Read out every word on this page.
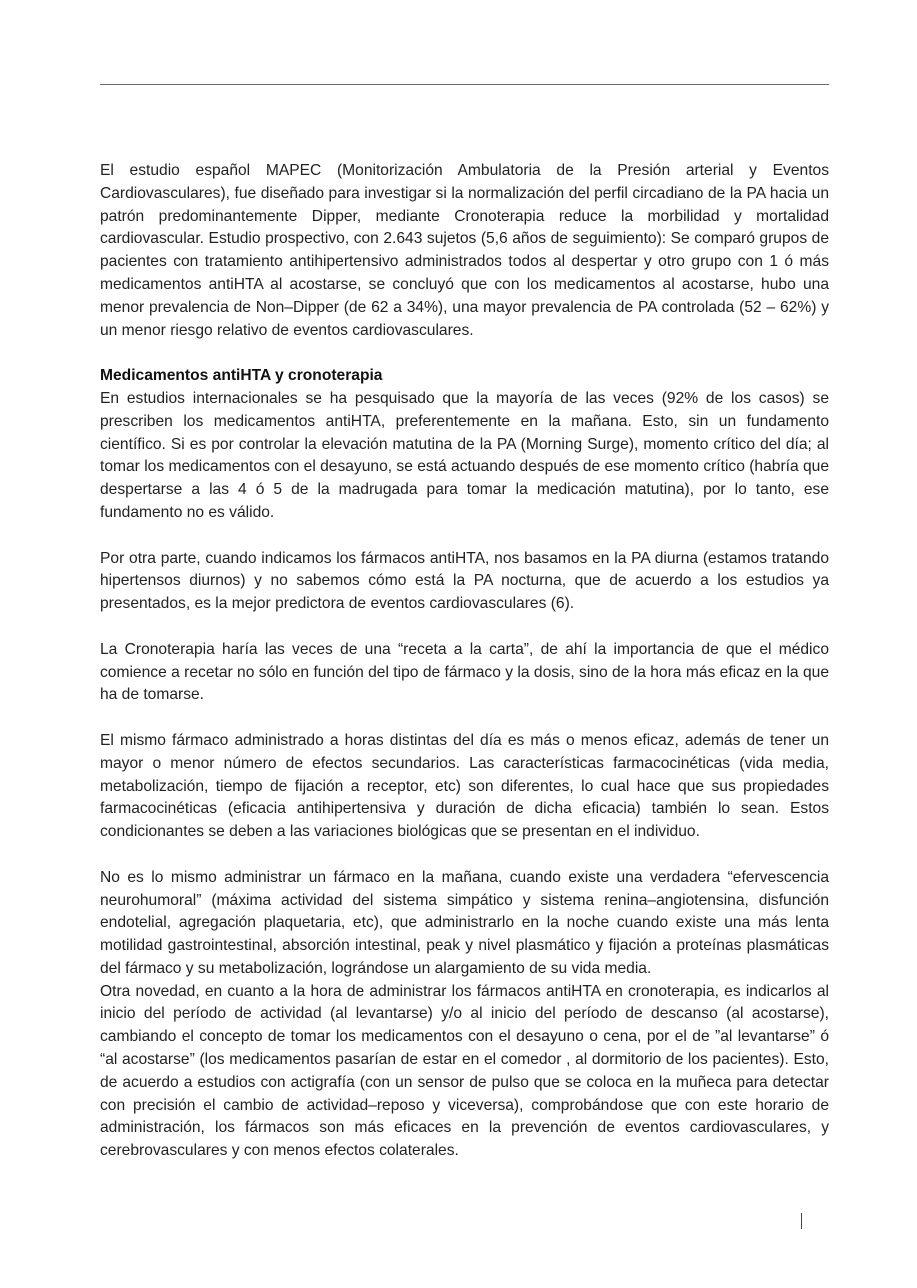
El estudio español MAPEC (Monitorización Ambulatoria de la Presión arterial y Eventos Cardiovasculares), fue diseñado para investigar si la normalización del perfil circadiano de la PA hacia un patrón predominantemente Dipper, mediante Cronoterapia reduce la morbilidad y mortalidad cardiovascular. Estudio prospectivo, con 2.643 sujetos (5,6 años de seguimiento): Se comparó grupos de pacientes con tratamiento antihipertensivo administrados todos al despertar y otro grupo con 1 ó más medicamentos antiHTA al acostarse, se concluyó que con los medicamentos al acostarse, hubo una menor prevalencia de Non–Dipper (de 62 a 34%), una mayor prevalencia de PA controlada (52 – 62%) y un menor riesgo relativo de eventos cardiovasculares.

Medicamentos antiHTA y cronoterapia

En estudios internacionales se ha pesquisado que la mayoría de las veces (92% de los casos) se prescriben los medicamentos antiHTA, preferentemente en la mañana. Esto, sin un fundamento científico. Si es por controlar la elevación matutina de la PA (Morning Surge), momento crítico del día; al tomar los medicamentos con el desayuno, se está actuando después de ese momento crítico (habría que despertarse a las 4 ó 5 de la madrugada para tomar la medicación matutina), por lo tanto, ese fundamento no es válido.

Por otra parte, cuando indicamos los fármacos antiHTA, nos basamos en la PA diurna (estamos tratando hipertensos diurnos) y no sabemos cómo está la PA nocturna, que de acuerdo a los estudios ya presentados, es la mejor predictora de eventos cardiovasculares (6).

La Cronoterapia haría las veces de una “receta a la carta”, de ahí la importancia de que el médico comience a recetar no sólo en función del tipo de fármaco y la dosis, sino de la hora más eficaz en la que ha de tomarse.

El mismo fármaco administrado a horas distintas del día es más o menos eficaz, además de tener un mayor o menor número de efectos secundarios. Las características farmacocinéticas (vida media, metabolización, tiempo de fijación a receptor, etc) son diferentes, lo cual hace que sus propiedades farmacocinéticas (eficacia antihipertensiva y duración de dicha eficacia) también lo sean. Estos condicionantes se deben a las variaciones biológicas que se presentan en el individuo.

No es lo mismo administrar un fármaco en la mañana, cuando existe una verdadera “efervescencia neurohumoral” (máxima actividad del sistema simpático y sistema renina–angiotensina, disfunción endotelial, agregación plaquetaria, etc), que administrarlo en la noche cuando existe una más lenta motilidad gastrointestinal, absorción intestinal, peak y nivel plasmático y fijación a proteínas plasmáticas del fármaco y su metabolización, lográndose un alargamiento de su vida media.

Otra novedad, en cuanto a la hora de administrar los fármacos antiHTA en cronoterapia, es indicarlos al inicio del período de actividad (al levantarse) y/o al inicio del período de descanso (al acostarse), cambiando el concepto de tomar los medicamentos con el desayuno o cena, por el de ”al levantarse” ó “al acostarse” (los medicamentos pasarían de estar en el comedor , al dormitorio de los pacientes). Esto, de acuerdo a estudios con actigrafía (con un sensor de pulso que se coloca en la muñeca para detectar con precisión el cambio de actividad–reposo y viceversa), comprobándose que con este horario de administración, los fármacos son más eficaces en la prevención de eventos cardiovasculares, y cerebrovasculares y con menos efectos colaterales.
